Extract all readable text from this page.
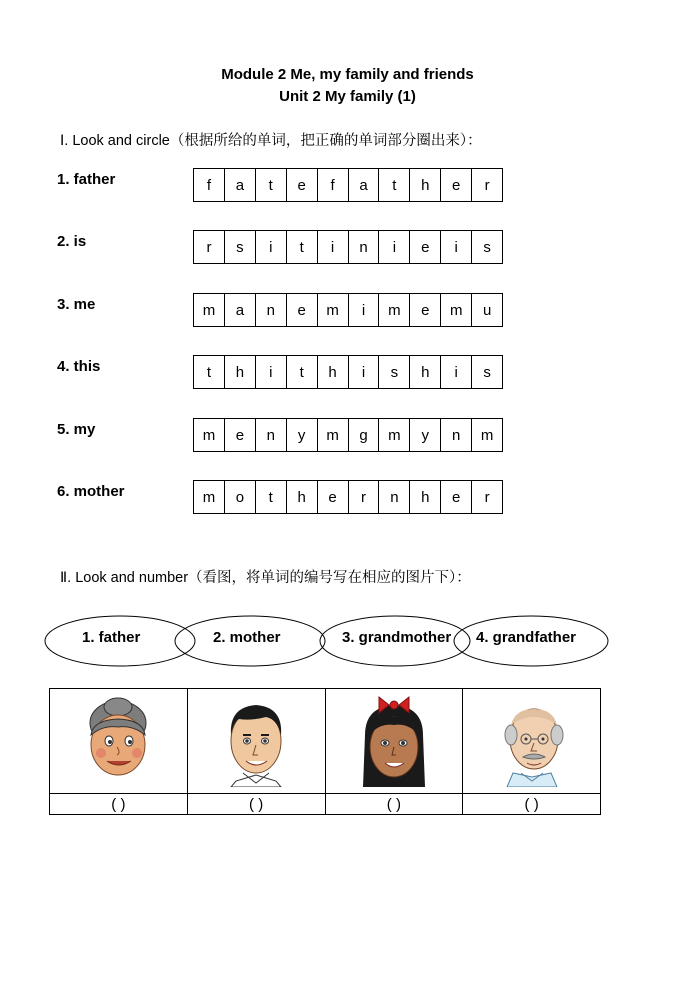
Module 2 Me, my family and friends
Unit 2 My family (1)
Ⅰ. Look and circle（根据所给的单词，把正确的单词部分圈出来）：
1. father	f	a	t	e	f	a	t	h	e	r
2. is	r	s	i	t	i	n	i	e	i	s
3. me	m	a	n	e	m	i	m	e	m	u
4. this	t	h	i	t	h	i	s	h	i	s
5. my	m	e	n	y	m	g	m	y	n	m
6. mother	m	o	t	h	e	r	n	h	e	r
Ⅱ. Look and number（看图，将单词的编号写在相应的图片下）：
1. father	2. mother	3. grandmother 4. grandfather

( )	( )	( )	( )
